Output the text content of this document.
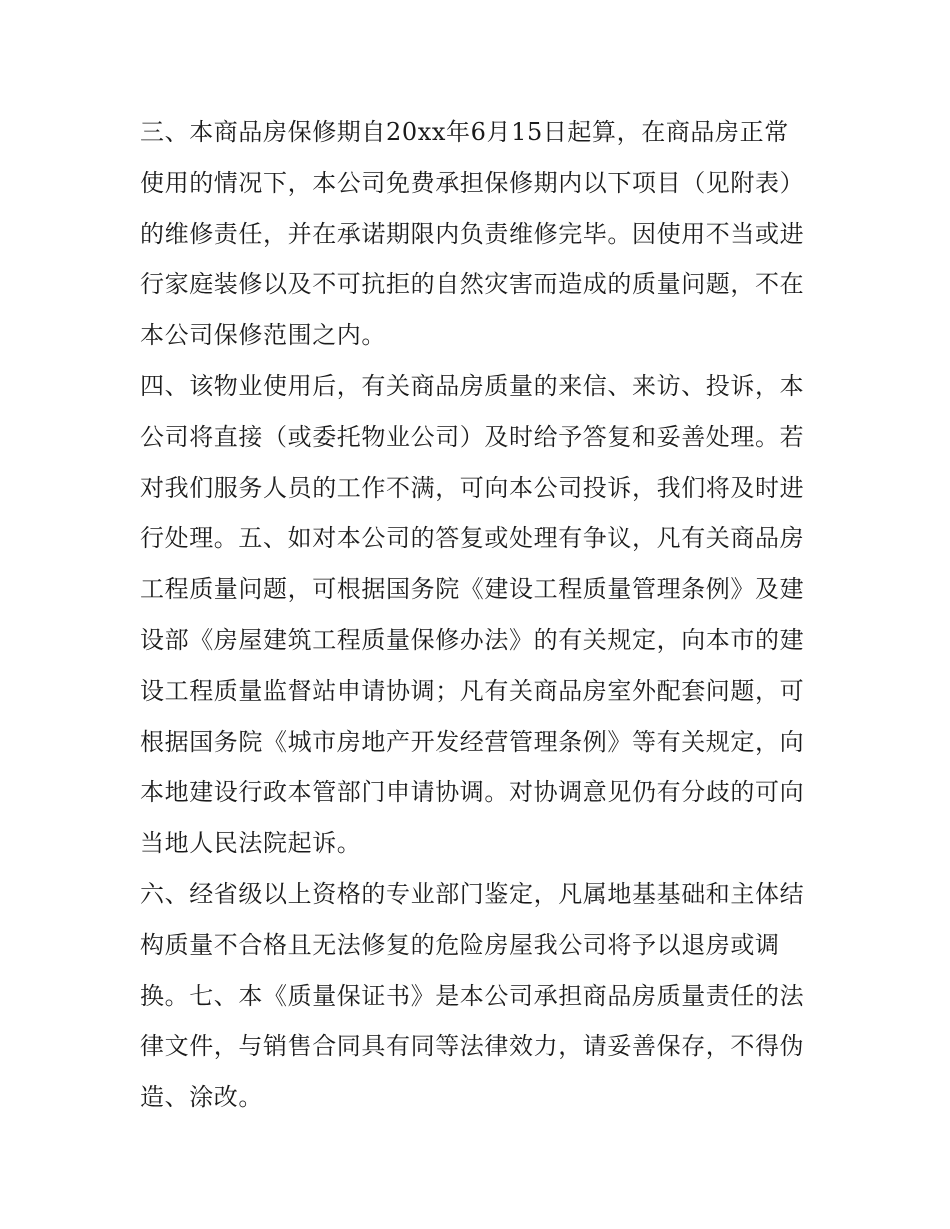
三、本商品房保修期自20xx年6月15日起算，在商品房正常
使用的情况下，本公司免费承担保修期内以下项目（见附表）
的维修责任，并在承诺期限内负责维修完毕。因使用不当或进
行家庭装修以及不可抗拒的自然灾害而造成的质量问题，不在
本公司保修范围之内。
四、该物业使用后，有关商品房质量的来信、来访、投诉，本
公司将直接（或委托物业公司）及时给予答复和妥善处理。若
对我们服务人员的工作不满，可向本公司投诉，我们将及时进
行处理。五、如对本公司的答复或处理有争议，凡有关商品房
工程质量问题，可根据国务院《建设工程质量管理条例》及建
设部《房屋建筑工程质量保修办法》的有关规定，向本市的建
设工程质量监督站申请协调；凡有关商品房室外配套问题，可
根据国务院《城市房地产开发经营管理条例》等有关规定，向
本地建设行政本管部门申请协调。对协调意见仍有分歧的可向
当地人民法院起诉。
六、经省级以上资格的专业部门鉴定，凡属地基基础和主体结
构质量不合格且无法修复的危险房屋我公司将予以退房或调
换。七、本《质量保证书》是本公司承担商品房质量责任的法
律文件，与销售合同具有同等法律效力，请妥善保存，不得伪
造、涂改。
